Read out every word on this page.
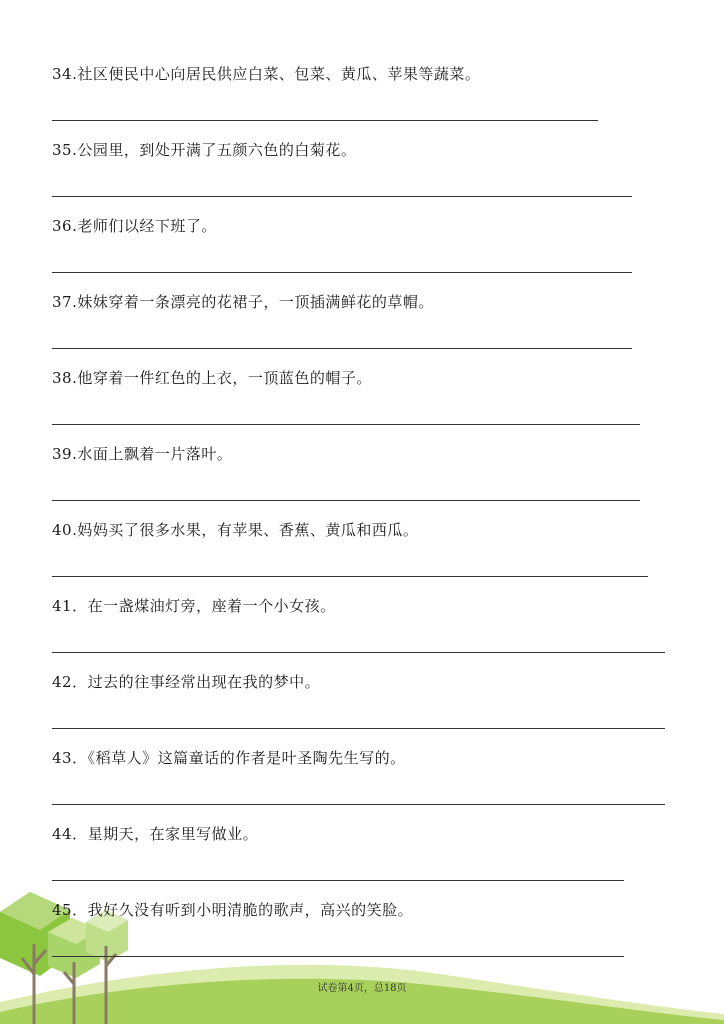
34.社区便民中心向居民供应白菜、包菜、黄瓜、苹果等蔬菜。
35.公园里，到处开满了五颜六色的白菊花。
36.老师们以经下班了。
37.妹妹穿着一条漂亮的花裙子，一顶插满鲜花的草帽。
38.他穿着一件红色的上衣，一顶蓝色的帽子。
39.水面上飘着一片落叶。
40.妈妈买了很多水果，有苹果、香蕉、黄瓜和西瓜。
41．在一盏煤油灯旁，座着一个小女孩。
42．过去的往事经常出现在我的梦中。
43．《稻草人》这篇童话的作者是叶圣陶先生写的。
44．星期天，在家里写做业。
45．我好久没有听到小明清脆的歌声，高兴的笑脸。
试卷第4页，总18页
